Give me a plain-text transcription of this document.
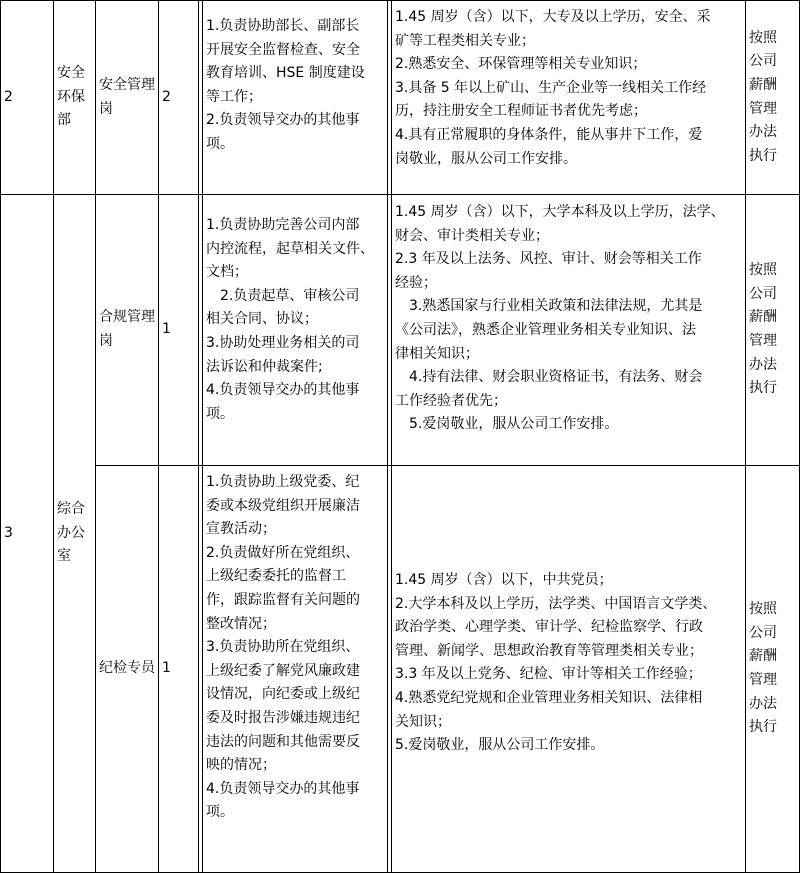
2
安全环保部
安全管理岗
2
1.负责协助部长、副部长
开展安全监督检查、安全
教育培训、HSE 制度建设
等工作；
2.负责领导交办的其他事
项。
1.45 周岁（含）以下，大专及以上学历，安全、采
矿等工程类相关专业；
2.熟悉安全、环保管理等相关专业知识；
3.具备 5 年以上矿山、生产企业等一线相关工作经
历，持注册安全工程师证书者优先考虑；
4.具有正常履职的身体条件，能从事井下工作，爱
岗敬业，服从公司工作安排。
按照公司薪酬管理办法执行
3
综合办公室
合规管理岗
1
1.负责协助完善公司内部
内控流程，起草相关文件、
文档；
2.负责起草、审核公司
相关合同、协议；
3.协助处理业务相关的司
法诉讼和仲裁案件;
4.负责领导交办的其他事
项。
1.45 周岁（含）以下，大学本科及以上学历，法学、
财会、审计类相关专业；
2.3 年及以上法务、风控、审计、财会等相关工作
经验；
3.熟悉国家与行业相关政策和法律法规，尤其是
《公司法》，熟悉企业管理业务相关专业知识、法
律相关知识；
4.持有法律、财会职业资格证书，有法务、财会
工作经验者优先；
5.爱岗敬业，服从公司工作安排。
按照公司薪酬管理办法执行
纪检专员 1
1.负责协助上级党委、纪
委或本级党组织开展廉洁
宣教活动；
2.负责做好所在党组织、
上级纪委委托的监督工
作，跟踪监督有关问题的
整改情况；
3.负责协助所在党组织、
上级纪委了解党风廉政建
设情况，向纪委或上级纪
委及时报告涉嫌违规违纪
违法的问题和其他需要反
映的情况；
4.负责领导交办的其他事
项。
1.45 周岁（含）以下，中共党员；
2.大学本科及以上学历，法学类、中国语言文学类、
政治学类、心理学类、审计学、纪检监察学、行政
管理、新闻学、思想政治教育等管理类相关专业；
3.3 年及以上党务、纪检、审计等相关工作经验；
4.熟悉党纪党规和企业管理业务相关知识、法律相
关知识；
5.爱岗敬业，服从公司工作安排。
按照公司薪酬管理办法执行
